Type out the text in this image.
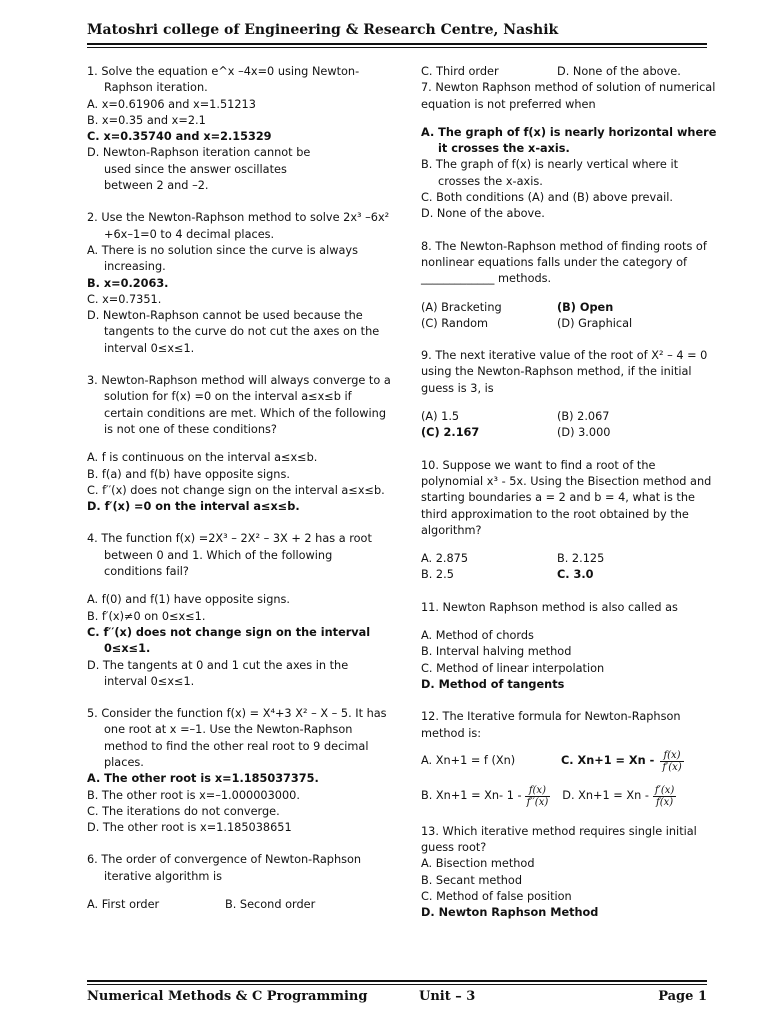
Matoshri college of Engineering & Research Centre, Nashik

1. Solve the equation e^x –4x=0 using Newton-Raphson iteration.

A. x=0.61906 and x=1.51213

B. x=0.35 and x=2.1

C. x=0.35740 and x=2.15329

D. Newton-Raphson iteration cannot be
used since the answer oscillates
between 2 and –2.

2. Use the Newton-Raphson method to solve 2x³ –6x² +6x–1=0 to 4 decimal places.

A. There is no solution since the curve is always increasing.

B. x=0.2063.

C. x=0.7351.

D. Newton-Raphson cannot be used because the tangents to the curve do not cut the axes on the interval 0≤x≤1.

3. Newton-Raphson method will always converge to a solution for f(x) =0 on the interval a≤x≤b if certain conditions are met. Which of the following is not one of these conditions?

A. f is continuous on the interval a≤x≤b.

B. f(a) and f(b) have opposite signs.

C. f′′(x) does not change sign on the interval a≤x≤b.

D. f′(x) =0 on the interval a≤x≤b.

4. The function f(x) =2X³ – 2X² – 3X + 2 has a root between 0 and 1. Which of the following conditions fail?

A. f(0) and f(1) have opposite signs.

B. f′(x)≠0 on 0≤x≤1.

C. f′′(x) does not change sign on the interval 0≤x≤1.

D. The tangents at 0 and 1 cut the axes in the interval 0≤x≤1.

5. Consider the function f(x) = X⁴+3 X² – X – 5. It has one root at x =–1. Use the Newton-Raphson method to find the other real root to 9 decimal places.

A. The other root is x=1.185037375.

B. The other root is x=–1.000003000.

C. The iterations do not converge.

D. The other root is x=1.185038651

6. The order of convergence of Newton-Raphson iterative algorithm is

A. First order	B. Second order
C. Third order	D. None of the above.

7. Newton Raphson method of solution of numerical equation is not preferred when

A. The graph of f(x) is nearly horizontal where it crosses the x-axis.

B. The graph of f(x) is nearly vertical where it crosses the x-axis.

C. Both conditions (A) and (B) above prevail.

D. None of the above.

8. The Newton-Raphson method of finding roots of nonlinear equations falls under the category of _____________ methods.

(A) Bracketing	(B) Open
(C) Random	(D) Graphical

9. The next iterative value of the root of X² – 4 = 0 using the Newton-Raphson method, if the initial guess is 3, is

(A) 1.5	(B) 2.067
(C) 2.167	(D) 3.000

10. Suppose we want to find a root of the polynomial x³ - 5x. Using the Bisection method and starting boundaries a = 2 and b = 4, what is the third approximation to the root obtained by the algorithm?

A. 2.875	B. 2.125
B. 2.5	C. 3.0

11. Newton Raphson method is also called as

A. Method of chords

B. Interval halving method

C. Method of linear interpolation

D. Method of tangents

12. The Iterative formula for Newton-Raphson method is:

A. Xn+1 = f (Xn)	C. $Xn+1 = Xn - \frac{f(x)}{f'(x)}$
B. Xn+1 = Xn- $1 - \frac{f(x)}{f''(x)} D$. $Xn+1 = Xn - \frac{f'(x)}{f(x)}$

13. Which iterative method requires single initial guess root?

A. Bisection method

B. Secant method

C. Method of false position

D. Newton Raphson Method

Numerical Methods & C Programming	Unit – 3	Page 1
